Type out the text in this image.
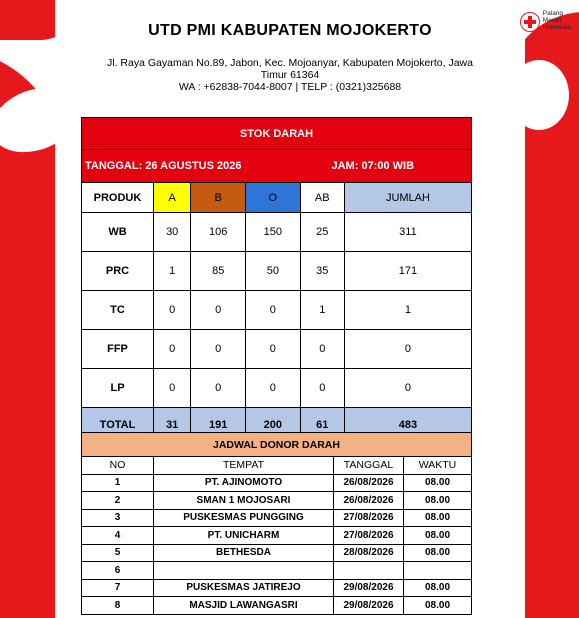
UTD PMI KABUPATEN MOJOKERTO
Jl. Raya Gayaman No.89, Jabon, Kec. Mojoanyar, Kabupaten Mojokerto, Jawa
Timur 61364
WA : +62838-7044-8007 | TELP : (0321)325688
Palang
Merah
Indonesia
STOK DARAH					
TANGGAL: 26 AGUSTUS 2026 JAM: 07:00 WIB					

PRODUK	A	B	O	AB	JUMLAH
WB	30	106	150	25	311
PRC	1	85	50	35	171
TC	0	0	0	1	1
FFP	0	0	0	0	0
LP	0	0	0	0	0
TOTAL	31	191	200	61	483
JADWAL DONOR DARAH			
NO	TEMPAT	TANGGAL	WAKTU
1	PT. AJINOMOTO	26/08/2026	08.00
2	SMAN 1 MOJOSARI	26/08/2026	08.00
3	PUSKESMAS PUNGGING	27/08/2026	08.00
4	PT. UNICHARM	27/08/2026	08.00
5	BETHESDA	28/08/2026	08.00
6			
7	PUSKESMAS JATIREJO	29/08/2026	08.00
8	MASJID LAWANGASRI	29/08/2026	08.00
